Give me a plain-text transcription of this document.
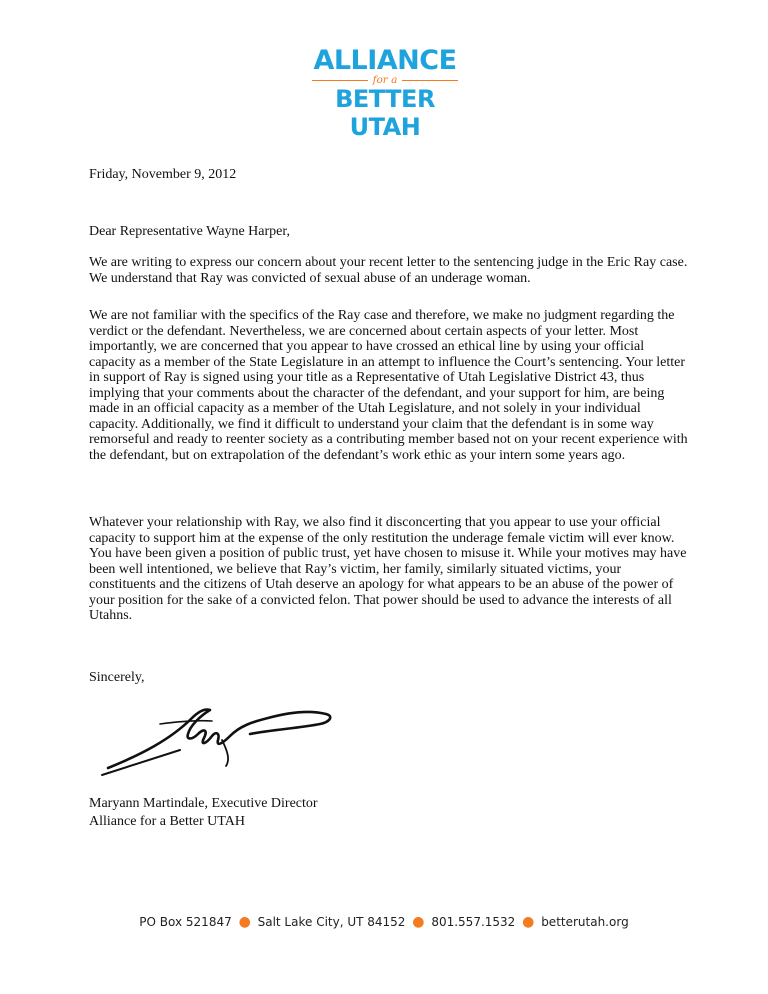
ALLIANCE
for a
BETTER UTAH
Friday, November 9, 2012
Dear Representative Wayne Harper,
We are writing to express our concern about your recent letter to the sentencing judge in the Eric Ray case. We understand that Ray was convicted of sexual abuse of an underage woman.
We are not familiar with the specifics of the Ray case and therefore, we make no judgment regarding the verdict or the defendant. Nevertheless, we are concerned about certain aspects of your letter. Most importantly, we are concerned that you appear to have crossed an ethical line by using your official capacity as a member of the State Legislature in an attempt to influence the Court’s sentencing. Your letter in support of Ray is signed using your title as a Representative of Utah Legislative District 43, thus implying that your comments about the character of the defendant, and your support for him, are being made in an official capacity as a member of the Utah Legislature, and not solely in your individual capacity. Additionally, we find it difficult to understand your claim that the defendant is in some way remorseful and ready to reenter society as a contributing member based not on your recent experience with the defendant, but on extrapolation of the defendant’s work ethic as your intern some years ago.
Whatever your relationship with Ray, we also find it disconcerting that you appear to use your official capacity to support him at the expense of the only restitution the underage female victim will ever know. You have been given a position of public trust, yet have chosen to misuse it. While your motives may have been well intentioned, we believe that Ray’s victim, her family, similarly situated victims, your constituents and the citizens of Utah deserve an apology for what appears to be an abuse of the power of your position for the sake of a convicted felon. That power should be used to advance the interests of all Utahns.
Sincerely,
Maryann Martindale, Executive Director
Alliance for a Better UTAH
PO Box 521847 ● Salt Lake City, UT 84152 ● 801.557.1532 ● betterutah.org
